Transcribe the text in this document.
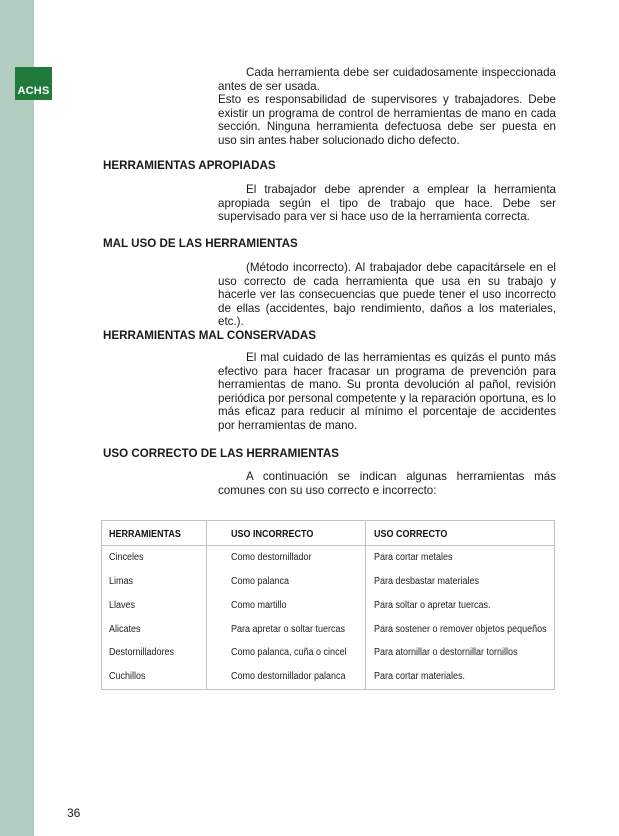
ACHS

Cada herramienta debe ser cuidadosamente inspeccionada antes de ser usada.

Esto es responsabilidad de supervisores y trabajadores. Debe existir un programa de control de herramientas de mano en cada sección. Ninguna herramienta defectuosa debe ser puesta en uso sin antes haber solucionado dicho defecto.

HERRAMIENTAS APROPIADAS

El trabajador debe aprender a emplear la herramienta apropiada según el tipo de trabajo que hace. Debe ser supervisado para ver si hace uso de la herramienta correcta.

MAL USO DE LAS HERRAMIENTAS

(Método incorrecto). Al trabajador debe capacitársele en el uso correcto de cada herramienta que usa en su trabajo y hacerle ver las consecuencias que puede tener el uso incorrecto de ellas (accidentes, bajo rendimiento, daños a los materiales, etc.).

HERRAMIENTAS MAL CONSERVADAS

El mal cuidado de las herramientas es quizás el punto más efectivo para hacer fracasar un programa de prevención para herramientas de mano. Su pronta devolución al pañol, revisión periódica por personal competente y la reparación oportuna, es lo más eficaz para reducir al mínimo el porcentaje de accidentes por herramientas de mano.

USO CORRECTO DE LAS HERRAMIENTAS

A continuación se indican algunas herramientas más comunes con su uso correcto e incorrecto:

HERRAMIENTAS	USO INCORRECTO	USO CORRECTO
Cinceles	Como destornillador	Para cortar metales
Limas	Como palanca	Para desbastar materiales
Llaves	Como martillo	Para soltar o apretar tuercas.
Alicates	Para apretar o soltar tuercas	Para sostener o remover objetos pequeños
Destornilladores	Como palanca, cuña o cincel	Para atornillar o destornillar tornillos
Cuchillos	Como destornillador palanca	Para cortar materiales.
36
